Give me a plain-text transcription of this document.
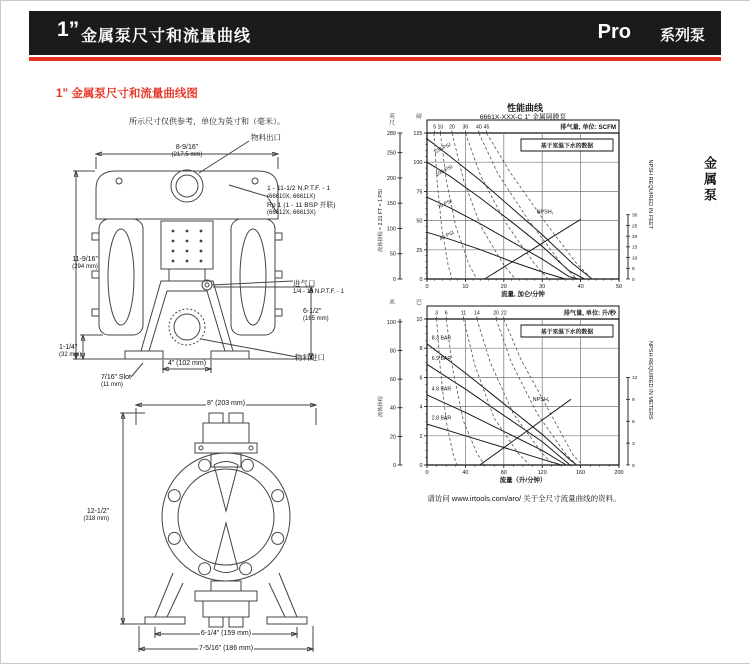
1” 金属泵尺寸和流量曲线	Pro 系列泵
1” 金属泵尺寸和流量曲线图
金属泵
所示尺寸仅供参考，单位为英寸和（毫米）。
物料出口
8-9/16”
(217.5 mm)
1 - 11-1/2 N.P.T.F. - 1
(66610X, 66611X)
Rp 1 (1 - 11 BSP 并联)
(66612X, 66613X)
11-9/16”
(294 mm)
进气口
1/4 - 18 N.P.T.F. - 1
6-1/2”
(165 mm)
1-1/4”
(32 mm)
4” (102 mm)
7/16” Slot
(11 mm)
物料进口
8” (203 mm)
12-1/2”
(318 mm)
6-1/4” (159 mm)
7-5/16” (186 mm)
性能曲线
6661X-XXX-C 1” 金属隔膜泵
5 10 20 30 40 45	排气量, 单位: SCFM
基于室温下水的数据
120 PSI
100 PSI
70 PSI
40 PSI
NPSHr
0	10	20	30	40	50
流量, 加仑/分钟
0
25
50
75
100
125
磅
0
50
100
150
200
250
289
英
尺
流体扬程 ≈ 2.31 FT = 1 PSI
0
5
10
15
20
25
30 NPSH REQUIRED IN FEET
3 6	11 14	20 22	排气量, 单位: 升/秒
基于室温下水的数据
8.3 BAR
6.9 BAR
4.8 BAR
2.8 BAR
NPSHr
0	40	80	120	160	200
流量（升/分钟）
0
2
4
6
8
10
巴
0
20
40
60
80
100
米
流体扬程
0
3
6
9
12 NPSH REQUIRED IN METERS
请访问 www.irtools.com/aro/ 关于全尺寸流量曲线的资料。
